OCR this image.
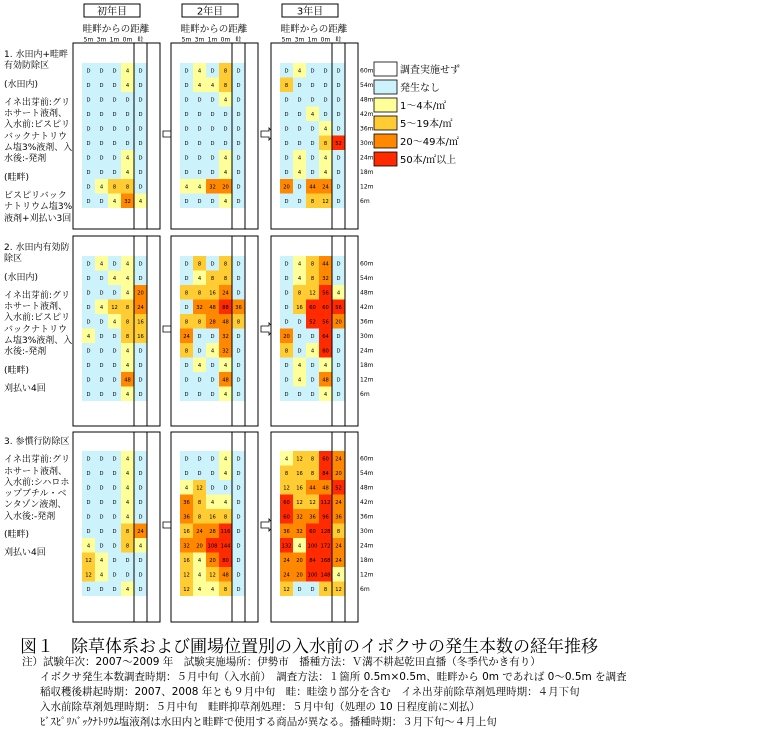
初年目
畦畔からの距離
5m 3m 1m 0m 畦
2年目
畦畔からの距離
5m 3m 1m 0m 畦
3年目
畦畔からの距離
5m 3m 1m 0m 畦
D D D 4 D
D D D 4 D
D D D D D
D D D D D
D D D D D
D D D D D
D D D 4 D
D D D 4 D
D 4 8 8 D
D D 4 32 4
D 4 D 8 D
D 4 4 8 D
D D D 4 D
D D D D D
D D D D D
D D D D D
D D D 4 D
D D D 4 D
4 4 32 20 D
D D D 4 D
D 4 D D D
8 D D D D
D D D D D
D D 4 D D
D D D 4 D
D D D 8 52
D 4 D 4 D
D 4 D 4 D
20 D 44 24 D
D D 8 12 D
60m
54m
48m
42m
36m
30m
24m
18m
12m
6m
D 4 D 4 D
D D 4 4 D
D D D 4 20
D 4 12 8 24
D D 4 8 16
4 D D 8 16
D D D 4 D
D D D 4 D
D D D 48 D
D D D 4 D
D 8 D 8 D
D 4 8 8 D
8 8 16 24 D
D 32 48 88 36
8 8 28 48 8
24 D D 32 D
8 D 4 32 D
D 4 D 4 D
D D D 48 D
D D D 4 D
D 4 8 44 D
D 4 8 32 D
D 8 12 56 4
D 16 60 60 56
D D 52 56 20
20 D D 64 D
8 D 4 80 D
D 4 D 4 D
D 4 D 48 D
D D D 4 D
60m
54m
48m
42m
36m
30m
24m
18m
12m
6m
D D D 4 D
D D D 4 D
D D D 4 D
D D D 4 D
D D D 4 D
D D D 8 24
4 D D 8 4
12 4 D D D
12 4 D D D
D D D 4 D
D D D 4 D
D D D 4 D
4 12 D D D
36 8 4 4 D
36 8 16 8 D
16 24 28 116 D
32 20 108 144 D
16 4 20 80 D
12 4 12 48 D
12 4 4 8 D
4 12 8 60 24
8 16 8 84 20
12 16 44 48 52
60 12 12 112 24
60 32 36 96 36
36 32 60 128 8
132 4 100 172 24
24 20 84 168 24
24 20 100 148 4
12 D D 8 12
60m
54m
48m
42m
36m
30m
24m
18m
12m
6m
調査実施せず
発生なし
1～4本/㎡
5～19本/㎡
20～49本/㎡
50本/㎡以上
1. 水田内+畦畔有効防除区
(水田内)
イネ出芽前:グリホサート液剤、入水前:ビスピリバックナトリウム塩3%液剤、入水後:-発剤
(畦畔)
ビスピリバックナトリウム塩3%液剤+刈払い3回
2. 水田内有効防除区
(水田内)
イネ出芽前:グリホサート液剤、入水前:ビスピリバックナトリウム塩3%液剤、入水後:-発剤
(畦畔)
刈払い4回
3. 参慣行防除区
イネ出芽前:グリホサート液剤、入水前:シハロホップブチル・ベンタゾン液剤、入水後:-発剤
(畦畔)
刈払い4回
図１　除草体系および圃場位置別の入水前のイボクサの発生本数の経年推移
注）試験年次：2007～2009 年　試験実施場所：伊勢市　播種方法：Ｖ溝不耕起乾田直播（冬季代かき有り）
イボクサ発生本数調査時期：５月中旬（入水前）　調査方法：１箇所 0.5m×0.5m、畦畔から 0m であれば 0～0.5m を調査
稲収穫後耕起時期：2007、2008 年とも９月中旬　畦：畦塗り部分を含む　イネ出芽前除草剤処理時期：４月下旬
入水前除草剤処理時期：５月中旬　畦畔抑草剤処理：５月中旬（処理の 10 日程度前に刈払）
ﾋﾞｽﾋﾟﾘﾊﾞｯｸﾅﾄﾘｳﾑ塩液剤は水田内と畦畔で使用する商品が異なる。播種時期：３月下旬～４月上旬
